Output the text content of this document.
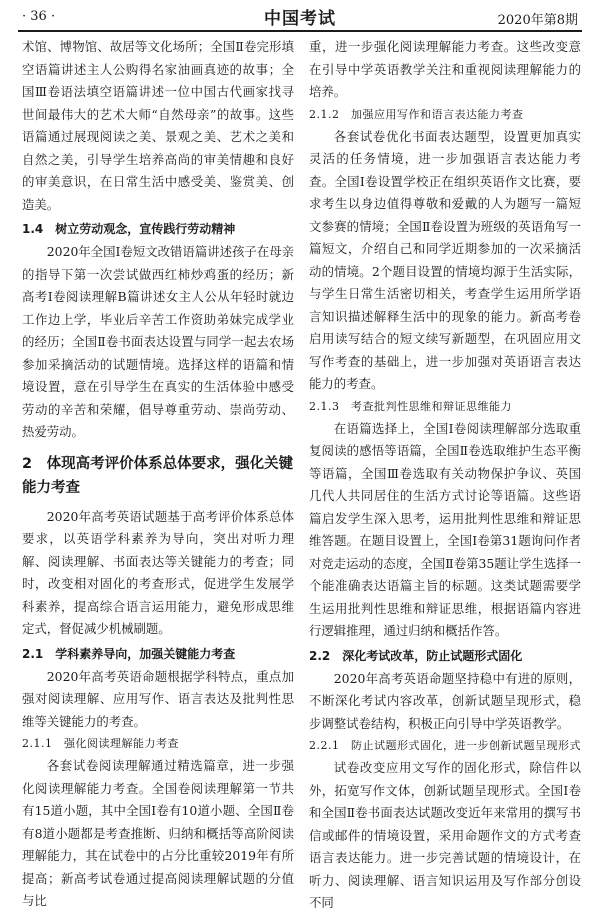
· 36 ·	中国考试	2020年第8期

术馆、博物馆、故居等文化场所；全国Ⅱ卷完形填空语篇讲述主人公购得名家油画真迹的故事；全国Ⅲ卷语法填空语篇讲述一位中国古代画家找寻世间最伟大的艺术大师“自然母亲”的故事。这些语篇通过展现阅读之美、景观之美、艺术之美和自然之美，引导学生培养高尚的审美情趣和良好的审美意识，在日常生活中感受美、鉴赏美、创造美。

1.4　树立劳动观念，宣传践行劳动精神

2020年全国Ⅰ卷短文改错语篇讲述孩子在母亲的指导下第一次尝试做西红柿炒鸡蛋的经历；新高考Ⅰ卷阅读理解B篇讲述女主人公从年轻时就边工作边上学，毕业后辛苦工作资助弟妹完成学业的经历；全国Ⅱ卷书面表达设置与同学一起去农场参加采摘活动的试题情境。选择这样的语篇和情境设置，意在引导学生在真实的生活体验中感受劳动的辛苦和荣耀，倡导尊重劳动、崇尚劳动、热爱劳动。

2　体现高考评价体系总体要求，强化关键能力考查

2020年高考英语试题基于高考评价体系总体要求，以英语学科素养为导向，突出对听力理解、阅读理解、书面表达等关键能力的考查；同时，改变相对固化的考查形式，促进学生发展学科素养，提高综合语言运用能力，避免形成思维定式，督促减少机械刷题。

2.1　学科素养导向，加强关键能力考查

2020年高考英语命题根据学科特点，重点加强对阅读理解、应用写作、语言表达及批判性思维等关键能力的考查。

2.1.1　强化阅读理解能力考查

各套试卷阅读理解通过精选篇章，进一步强化阅读理解能力考查。全国卷阅读理解第一节共有15道小题，其中全国Ⅰ卷有10道小题、全国Ⅱ卷有8道小题都是考查推断、归纳和概括等高阶阅读理解能力，其在试卷中的占分比重较2019年有所提高；新高考试卷通过提高阅读理解试题的分值与比

重，进一步强化阅读理解能力考查。这些改变意在引导中学英语教学关注和重视阅读理解能力的培养。

2.1.2　加强应用写作和语言表达能力考查

各套试卷优化书面表达题型，设置更加真实灵活的任务情境，进一步加强语言表达能力考查。全国Ⅰ卷设置学校正在组织英语作文比赛，要求考生以身边值得尊敬和爱戴的人为题写一篇短文参赛的情境；全国Ⅱ卷设置为班级的英语角写一篇短文，介绍自己和同学近期参加的一次采摘活动的情境。2个题目设置的情境均源于生活实际，与学生日常生活密切相关，考查学生运用所学语言知识描述解释生活中的现象的能力。新高考卷启用读写结合的短文续写新题型，在巩固应用文写作考查的基础上，进一步加强对英语语言表达能力的考查。

2.1.3　考查批判性思维和辩证思维能力

在语篇选择上，全国Ⅰ卷阅读理解部分选取重复阅读的感悟等语篇，全国Ⅱ卷选取维护生态平衡等语篇，全国Ⅲ卷选取有关动物保护争议、英国几代人共同居住的生活方式讨论等语篇。这些语篇启发学生深入思考，运用批判性思维和辩证思维答题。在题目设置上，全国Ⅰ卷第31题询问作者对竞走运动的态度，全国Ⅱ卷第35题让学生选择一个能准确表达语篇主旨的标题。这类试题需要学生运用批判性思维和辩证思维，根据语篇内容进行逻辑推理，通过归纳和概括作答。

2.2　深化考试改革，防止试题形式固化

2020年高考英语命题坚持稳中有进的原则，不断深化考试内容改革，创新试题呈现形式，稳步调整试卷结构，积极正向引导中学英语教学。

2.2.1　防止试题形式固化，进一步创新试题呈现形式

试卷改变应用文写作的固化形式，除信件以外，拓宽写作文体，创新试题呈现形式。全国Ⅰ卷和全国Ⅱ卷书面表达试题改变近年来常用的撰写书信或邮件的情境设置，采用命题作文的方式考查语言表达能力。进一步完善试题的情境设计，在听力、阅读理解、语言知识运用及写作部分创设不同
